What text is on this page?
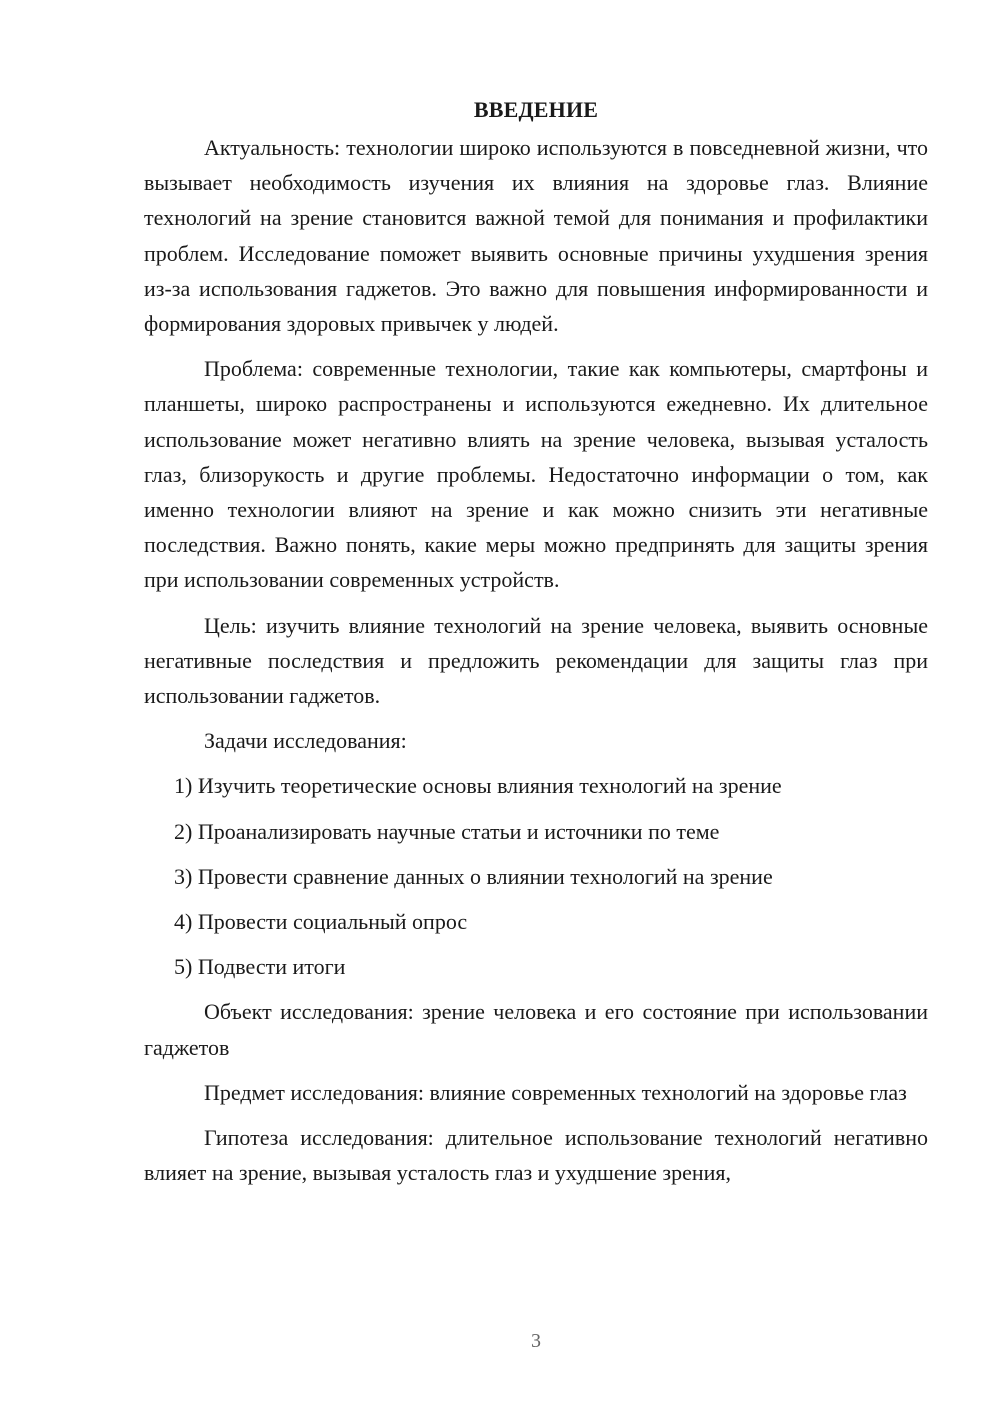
ВВЕДЕНИЕ

Актуальность: технологии широко используются в повседневной жизни, что вызывает необходимость изучения их влияния на здоровье глаз. Влияние технологий на зрение становится важной темой для понимания и профилактики проблем. Исследование поможет выявить основные причины ухудшения зрения из-за использования гаджетов. Это важно для повышения информированности и формирования здоровых привычек у людей.

Проблема: современные технологии, такие как компьютеры, смартфоны и планшеты, широко распространены и используются ежедневно. Их длительное использование может негативно влиять на зрение человека, вызывая усталость глаз, близорукость и другие проблемы. Недостаточно информации о том, как именно технологии влияют на зрение и как можно снизить эти негативные последствия. Важно понять, какие меры можно предпринять для защиты зрения при использовании современных устройств.

Цель: изучить влияние технологий на зрение человека, выявить основные негативные последствия и предложить рекомендации для защиты глаз при использовании гаджетов.

Задачи исследования:

1) Изучить теоретические основы влияния технологий на зрение

2) Проанализировать научные статьи и источники по теме

3) Провести сравнение данных о влиянии технологий на зрение

4) Провести социальный опрос

5) Подвести итоги

Объект исследования: зрение человека и его состояние при использовании гаджетов

Предмет исследования: влияние современных технологий на здоровье глаз

Гипотеза исследования: длительное использование технологий негативно влияет на зрение, вызывая усталость глаз и ухудшение зрения,

3
